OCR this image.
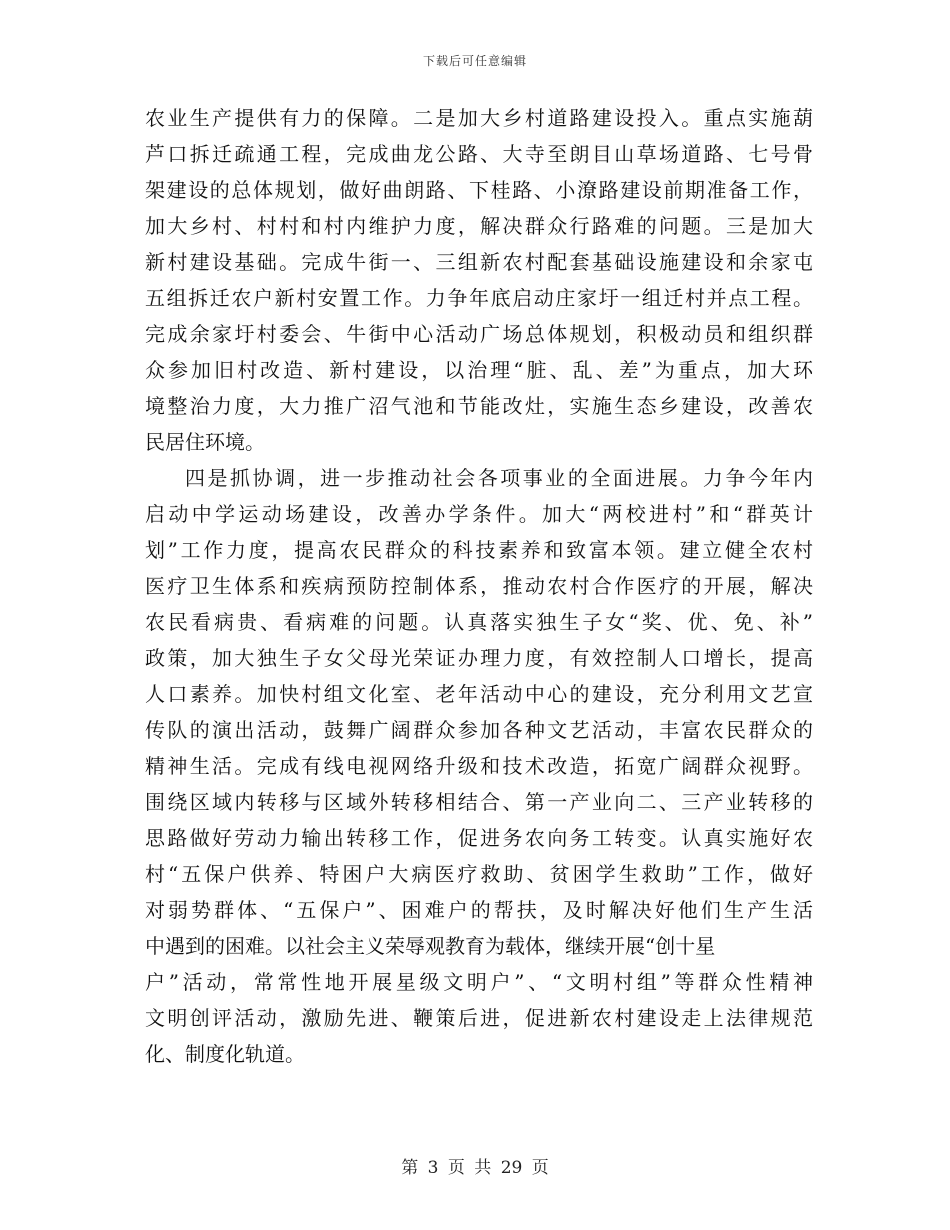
下载后可任意编辑
农业生产提供有力的保障。二是加大乡村道路建设投入。重点实施葫
芦口拆迁疏通工程，完成曲龙公路、大寺至朗目山草场道路、七号骨
架建设的总体规划，做好曲朗路、下桂路、小潦路建设前期准备工作，
加大乡村、村村和村内维护力度，解决群众行路难的问题。三是加大
新村建设基础。完成牛街一、三组新农村配套基础设施建设和余家屯
五组拆迁农户新村安置工作。力争年底启动庄家圩一组迁村并点工程。
完成余家圩村委会、牛街中心活动广场总体规划，积极动员和组织群
众参加旧村改造、新村建设，以治理“脏、乱、差”为重点，加大环
境整治力度，大力推广沼气池和节能改灶，实施生态乡建设，改善农
民居住环境。
四是抓协调，进一步推动社会各项事业的全面进展。力争今年内
启动中学运动场建设，改善办学条件。加大“两校进村”和“群英计
划”工作力度，提高农民群众的科技素养和致富本领。建立健全农村
医疗卫生体系和疾病预防控制体系，推动农村合作医疗的开展，解决
农民看病贵、看病难的问题。认真落实独生子女“奖、优、免、补”
政策，加大独生子女父母光荣证办理力度，有效控制人口增长，提高
人口素养。加快村组文化室、老年活动中心的建设，充分利用文艺宣
传队的演出活动，鼓舞广阔群众参加各种文艺活动，丰富农民群众的
精神生活。完成有线电视网络升级和技术改造，拓宽广阔群众视野。
围绕区域内转移与区域外转移相结合、第一产业向二、三产业转移的
思路做好劳动力输出转移工作，促进务农向务工转变。认真实施好农
村“五保户供养、特困户大病医疗救助、贫困学生救助”工作，做好
对弱势群体、“五保户”、困难户的帮扶，及时解决好他们生产生活
中遇到的困难。以社会主义荣辱观教育为载体，继续开展“创十星
户”活动，常常性地开展星级文明户”、“文明村组”等群众性精神
文明创评活动，激励先进、鞭策后进，促进新农村建设走上法律规范
化、制度化轨道。
第 3 页 共 29 页
